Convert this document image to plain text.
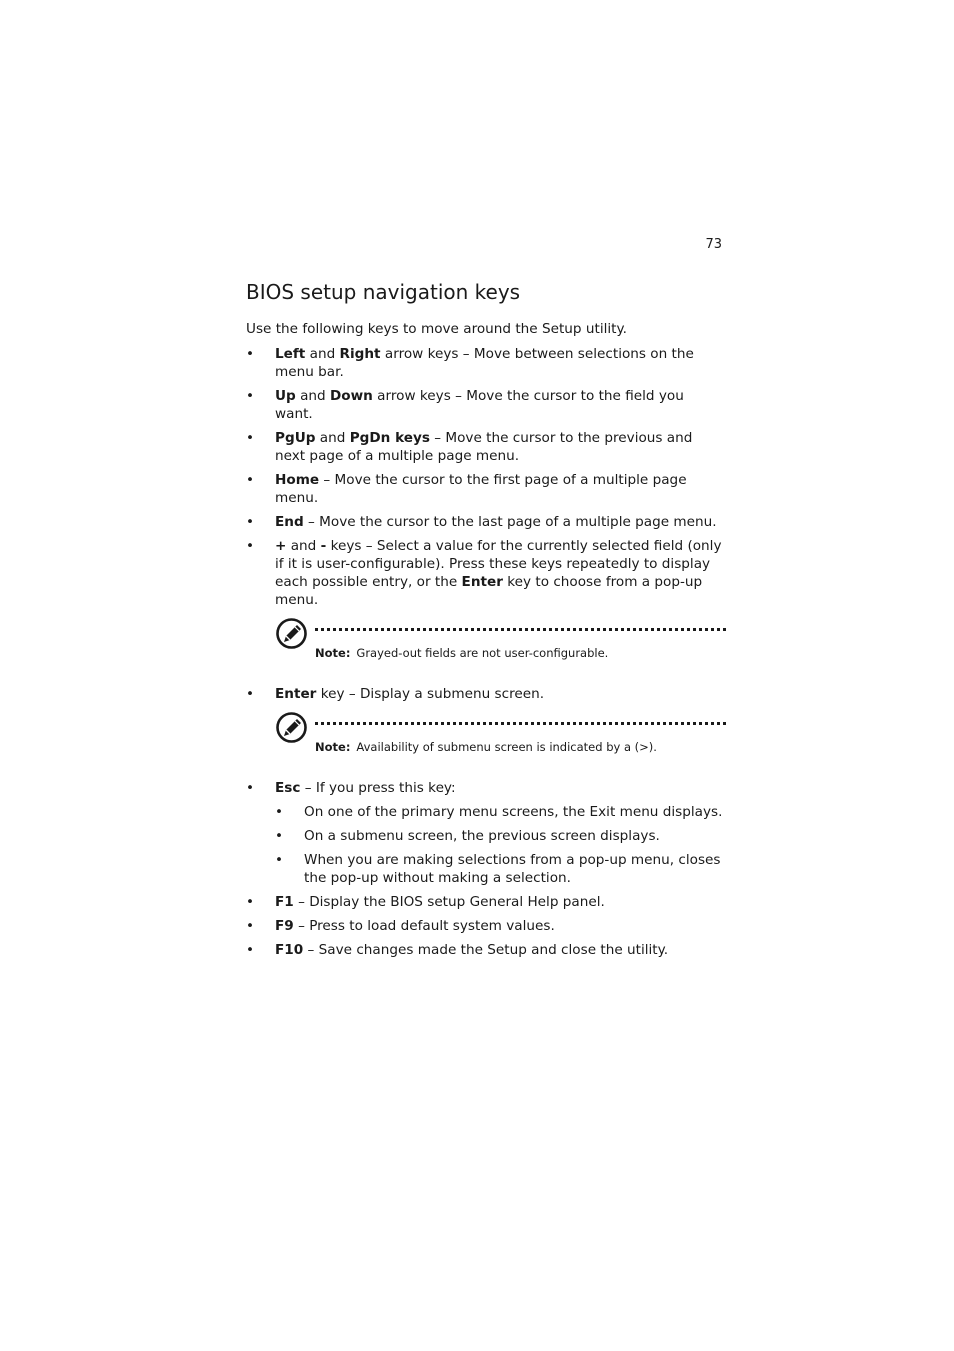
73
BIOS setup navigation keys

Use the following keys to move around the Setup utility.

• Left and Right arrow keys – Move between selections on the menu bar.
• Up and Down arrow keys – Move the cursor to the field you want.
• PgUp and PgDn keys – Move the cursor to the previous and next page of a multiple page menu.
• Home – Move the cursor to the first page of a multiple page menu.
• End – Move the cursor to the last page of a multiple page menu.
• + and - keys – Select a value for the currently selected field (only if it is user-configurable). Press these keys repeatedly to display each possible entry, or the Enter key to choose from a pop-up menu.
Note: Grayed-out fields are not user-configurable.
• Enter key – Display a submenu screen.
Note: Availability of submenu screen is indicated by a (>).
• Esc – If you press this key:
• On one of the primary menu screens, the Exit menu displays.
• On a submenu screen, the previous screen displays.
• When you are making selections from a pop-up menu, closes the pop-up without making a selection.
• F1 – Display the BIOS setup General Help panel.
• F9 – Press to load default system values.
• F10 – Save changes made the Setup and close the utility.
